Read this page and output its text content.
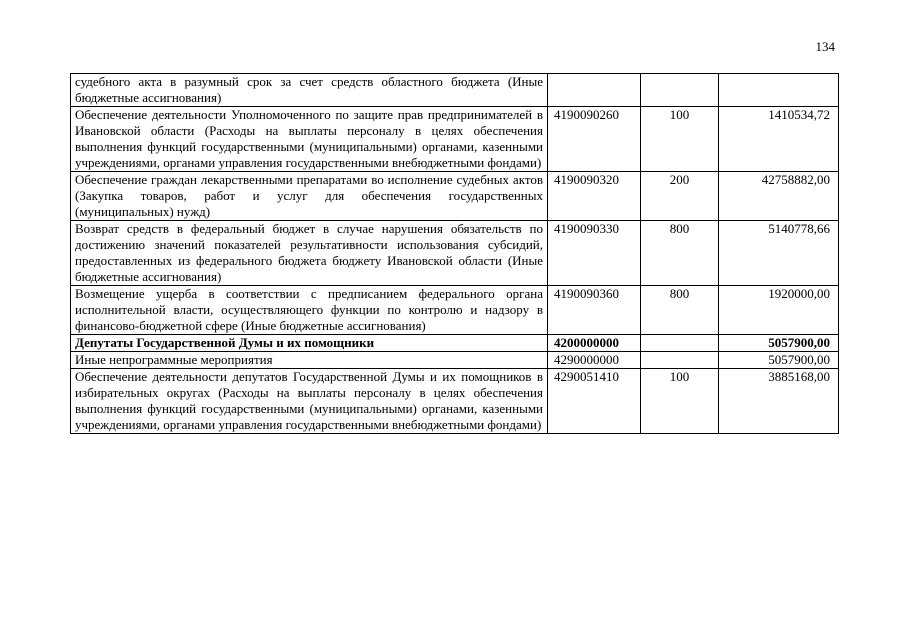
134
судебного акта в разумный срок за счет средств областного бюджета (Иные бюджетные ассигнования)			
Обеспечение деятельности Уполномоченного по защите прав предпринимателей в Ивановской области (Расходы на выплаты персоналу в целях обеспечения выполнения функций государственными (муниципальными) органами, казенными учреждениями, органами управления государственными внебюджетными фондами)	4190090260	100	1410534,72
Обеспечение граждан лекарственными препаратами во исполнение судебных актов (Закупка товаров, работ и услуг для обеспечения государственных (муниципальных) нужд)	4190090320	200	42758882,00
Возврат средств в федеральный бюджет в случае нарушения обязательств по достижению значений показателей результативности использования субсидий, предоставленных из федерального бюджета бюджету Ивановской области (Иные бюджетные ассигнования)	4190090330	800	5140778,66
Возмещение ущерба в соответствии с предписанием федерального органа исполнительной власти, осуществляющего функции по контролю и надзору в финансово-бюджетной сфере (Иные бюджетные ассигнования)	4190090360	800	1920000,00
Депутаты Государственной Думы и их помощники	4200000000		5057900,00
Иные непрограммные мероприятия	4290000000		5057900,00
Обеспечение деятельности депутатов Государственной Думы и их помощников в избирательных округах (Расходы на выплаты персоналу в целях обеспечения выполнения функций государственными (муниципальными) органами, казенными учреждениями, органами управления государственными внебюджетными фондами)	4290051410	100	3885168,00
